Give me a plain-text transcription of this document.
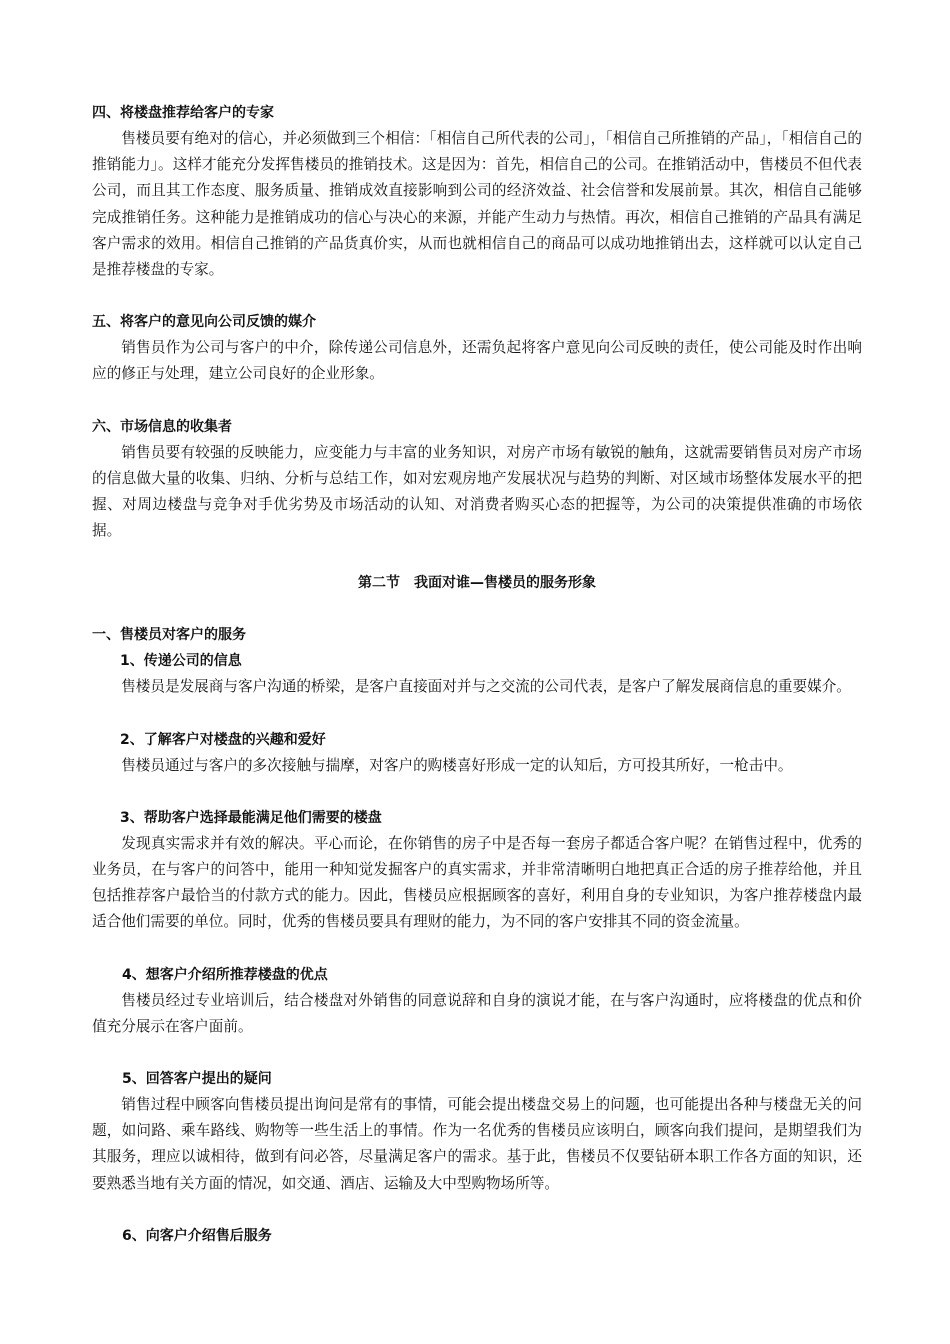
四、将楼盘推荐给客户的专家

售楼员要有绝对的信心，并必须做到三个相信：「相信自己所代表的公司」，「相信自己所推销的产品」，「相信自己的推销能力」。这样才能充分发挥售楼员的推销技术。这是因为：首先，相信自己的公司。在推销活动中，售楼员不但代表公司，而且其工作态度、服务质量、推销成效直接影响到公司的经济效益、社会信誉和发展前景。其次，相信自己能够完成推销任务。这种能力是推销成功的信心与决心的来源，并能产生动力与热情。再次，相信自己推销的产品具有满足客户需求的效用。相信自己推销的产品货真价实，从而也就相信自己的商品可以成功地推销出去，这样就可以认定自己是推荐楼盘的专家。

五、将客户的意见向公司反馈的媒介

销售员作为公司与客户的中介，除传递公司信息外，还需负起将客户意见向公司反映的责任，使公司能及时作出响应的修正与处理，建立公司良好的企业形象。

六、市场信息的收集者

销售员要有较强的反映能力，应变能力与丰富的业务知识，对房产市场有敏锐的触角，这就需要销售员对房产市场的信息做大量的收集、归纳、分析与总结工作，如对宏观房地产发展状况与趋势的判断、对区域市场整体发展水平的把握、对周边楼盘与竞争对手优劣势及市场活动的认知、对消费者购买心态的把握等，为公司的决策提供准确的市场依据。

第二节　我面对谁—售楼员的服务形象

一、售楼员对客户的服务

1、传递公司的信息

售楼员是发展商与客户沟通的桥梁，是客户直接面对并与之交流的公司代表，是客户了解发展商信息的重要媒介。

2、了解客户对楼盘的兴趣和爱好

售楼员通过与客户的多次接触与揣摩，对客户的购楼喜好形成一定的认知后，方可投其所好，一枪击中。

3、帮助客户选择最能满足他们需要的楼盘

发现真实需求并有效的解决。平心而论，在你销售的房子中是否每一套房子都适合客户呢？在销售过程中，优秀的业务员，在与客户的问答中，能用一种知觉发掘客户的真实需求，并非常清晰明白地把真正合适的房子推荐给他，并且包括推荐客户最恰当的付款方式的能力。因此，售楼员应根据顾客的喜好，利用自身的专业知识，为客户推荐楼盘内最适合他们需要的单位。同时，优秀的售楼员要具有理财的能力，为不同的客户安排其不同的资金流量。

4、想客户介绍所推荐楼盘的优点

售楼员经过专业培训后，结合楼盘对外销售的同意说辞和自身的演说才能，在与客户沟通时，应将楼盘的优点和价值充分展示在客户面前。

5、回答客户提出的疑问

销售过程中顾客向售楼员提出询问是常有的事情，可能会提出楼盘交易上的问题，也可能提出各种与楼盘无关的问题，如问路、乘车路线、购物等一些生活上的事情。作为一名优秀的售楼员应该明白，顾客向我们提问，是期望我们为其服务，理应以诚相待，做到有问必答，尽量满足客户的需求。基于此，售楼员不仅要钻研本职工作各方面的知识，还要熟悉当地有关方面的情况，如交通、酒店、运输及大中型购物场所等。

6、向客户介绍售后服务
